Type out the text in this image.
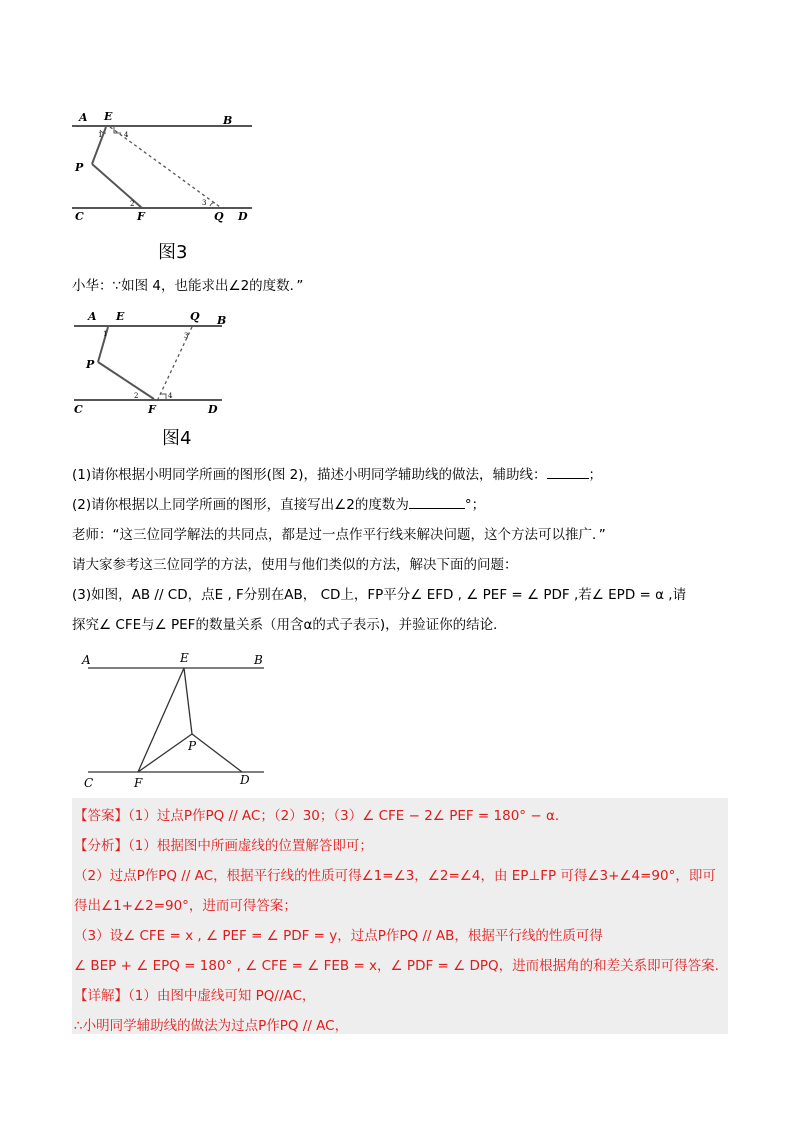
A E	B
P
C	F	Q D
1	4
2	3
图3
小华：∵如图 4，也能求出∠2的度数．”
A E	Q B
P
C	F	D
1	3
2	4
图4
(1)请你根据小明同学所画的图形(图 2)，描述小明同学辅助线的做法，辅助线：	；
(2)请你根据以上同学所画的图形，直接写出∠2的度数为	°；
老师：“这三位同学解法的共同点，都是过一点作平行线来解决问题，这个方法可以推广．”
请大家参考这三位同学的方法，使用与他们类似的方法，解决下面的问题：
(3)如图，AB // CD，点E , F分别在AB， CD上，FP平分∠ EFD , ∠ PEF = ∠ PDF ,若∠ EPD = α ,请
探究∠ CFE与∠ PEF的数量关系（用含α的式子表示)，并验证你的结论．
A	E	B
P
C	F	D
【答案】（1）过点P作PQ // AC；（2）30；（3）∠ CFE − 2∠ PEF = 180° − α．
【分析】（1）根据图中所画虚线的位置解答即可；
（2）过点P作PQ // AC，根据平行线的性质可得∠1=∠3，∠2=∠4，由 EP⊥FP 可得∠3+∠4=90°，即可
得出∠1+∠2=90°，进而可得答案；
（3）设∠ CFE = x , ∠ PEF = ∠ PDF = y，过点P作PQ // AB，根据平行线的性质可得
∠ BEP + ∠ EPQ = 180° , ∠ CFE = ∠ FEB = x，∠ PDF = ∠ DPQ，进而根据角的和差关系即可得答案.
【详解】（1）由图中虚线可知 PQ//AC，
∴小明同学辅助线的做法为过点P作PQ // AC，
